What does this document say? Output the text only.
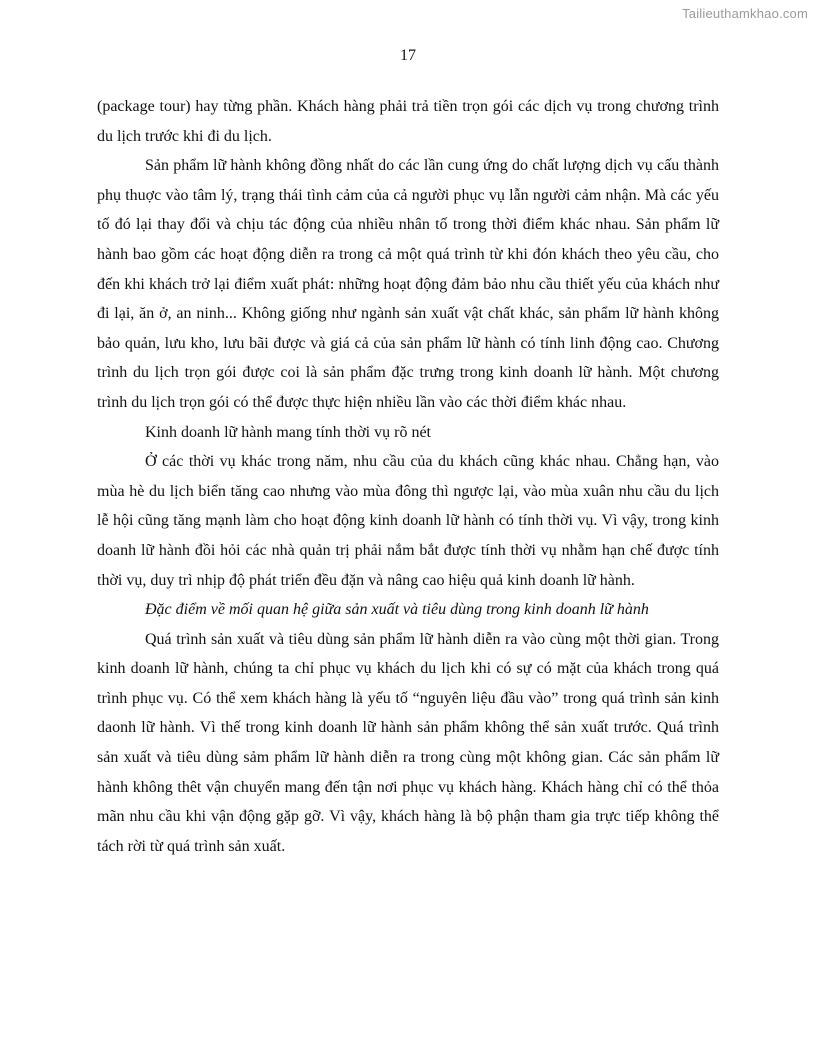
Tailieuthamkhao.com
17

(package tour) hay từng phần. Khách hàng phải trả tiền trọn gói các dịch vụ trong chương trình du lịch trước khi đi du lịch.

Sản phẩm lữ hành không đồng nhất do các lần cung ứng do chất lượng dịch vụ cấu thành phụ thuợc vào tâm lý, trạng thái tình cảm của cả người phục vụ lẫn người cảm nhận. Mà các yếu tố đó lại thay đổi và chịu tác động của nhiều nhân tố trong thời điểm khác nhau. Sản phẩm lữ hành bao gồm các hoạt động diễn ra trong cả một quá trình từ khi đón khách theo yêu cầu, cho đến khi khách trở lại điểm xuất phát: những hoạt động đảm bảo nhu cầu thiết yếu của khách như đi lại, ăn ở, an ninh... Không giống như ngành sản xuất vật chất khác, sản phẩm lữ hành không bảo quản, lưu kho, lưu bãi được và giá cả của sản phẩm lữ hành có tính linh động cao. Chương trình du lịch trọn gói được coi là sản phẩm đặc trưng trong kinh doanh lữ hành. Một chương trình du lịch trọn gói có thể được thực hiện nhiều lần vào các thời điểm khác nhau.

Kinh doanh lữ hành mang tính thời vụ rõ nét

Ở các thời vụ khác trong năm, nhu cầu của du khách cũng khác nhau. Chẳng hạn, vào mùa hè du lịch biển tăng cao nhưng vào mùa đông thì ngược lại, vào mùa xuân nhu cầu du lịch lễ hội cũng tăng mạnh làm cho hoạt động kinh doanh lữ hành có tính thời vụ. Vì vậy, trong kinh doanh lữ hành đồi hỏi các nhà quản trị phải nắm bắt được tính thời vụ nhằm hạn chế được tính thời vụ, duy trì nhịp độ phát triển đều đặn và nâng cao hiệu quả kinh doanh lữ hành.

Đặc điểm về mối quan hệ giữa sản xuất và tiêu dùng trong kinh doanh lữ hành

Quá trình sản xuất và tiêu dùng sản phẩm lữ hành diễn ra vào cùng một thời gian. Trong kinh doanh lữ hành, chúng ta chỉ phục vụ khách du lịch khi có sự có mặt của khách trong quá trình phục vụ. Có thể xem khách hàng là yếu tố “nguyên liệu đầu vào” trong quá trình sản kinh daonh lữ hành. Vì thế trong kinh doanh lữ hành sản phẩm không thể sản xuất trước. Quá trình sản xuất và tiêu dùng sảm phẩm lữ hành diễn ra trong cùng một không gian. Các sản phẩm lữ hành không thêt vận chuyển mang đến tận nơi phục vụ khách hàng. Khách hàng chỉ có thể thỏa mãn nhu cầu khi vận động gặp gỡ. Vì vậy, khách hàng là bộ phận tham gia trực tiếp không thể tách rời từ quá trình sản xuất.
